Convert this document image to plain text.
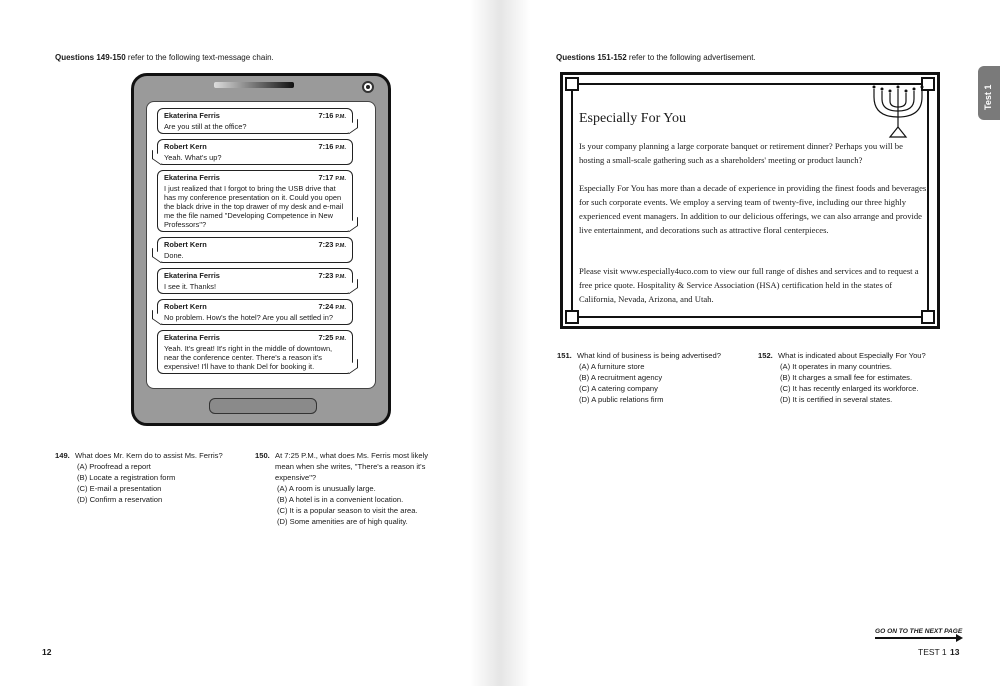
Questions 149-150 refer to the following text-message chain.
Ekaterina Ferris	7:16 P.M.
Are you still at the office?
Robert Kern	7:16 P.M.
Yeah. What's up?
Ekaterina Ferris	7:17 P.M.
I just realized that I forgot to bring the USB drive that has my conference presentation on it. Could you open the black drive in the top drawer of my desk and e-mail me the file named "Developing Competence in New Professors"?
Robert Kern	7:23 P.M.
Done.
Ekaterina Ferris	7:23 P.M.
I see it. Thanks!
Robert Kern	7:24 P.M.
No problem. How's the hotel? Are you all settled in?
Ekaterina Ferris	7:25 P.M.
Yeah. It's great! It's right in the middle of downtown, near the conference center. There's a reason it's expensive! I'll have to thank Del for booking it.
149. What does Mr. Kern do to assist Ms. Ferris?
(A) Proofread a report
(B) Locate a registration form
(C) E-mail a presentation
(D) Confirm a reservation
150. At 7:25 P.M., what does Ms. Ferris most likely mean when she writes, "There's a reason it's expensive"?
(A) A room is unusually large.
(B) A hotel is in a convenient location.
(C) It is a popular season to visit the area.
(D) Some amenities are of high quality.
12
Test 1
Questions 151-152 refer to the following advertisement.
Especially For You
Is your company planning a large corporate banquet or retirement dinner? Perhaps you will be hosting a small-scale gathering such as a shareholders' meeting or product launch?
Especially For You has more than a decade of experience in providing the finest foods and beverages for such corporate events. We employ a serving team of twenty-five, including our three highly experienced event managers. In addition to our delicious offerings, we can also arrange and provide live entertainment, and decorations such as attractive floral centerpieces.
Please visit www.especially4uco.com to view our full range of dishes and services and to request a free price quote. Hospitality & Service Association (HSA) certification held in the states of California, Nevada, Arizona, and Utah.
151. What kind of business is being advertised?
(A) A furniture store
(B) A recruitment agency
(C) A catering company
(D) A public relations firm
152. What is indicated about Especially For You?
(A) It operates in many countries.
(B) It charges a small fee for estimates.
(C) It has recently enlarged its workforce.
(D) It is certified in several states.
GO ON TO THE NEXT PAGE
TEST 1 13
